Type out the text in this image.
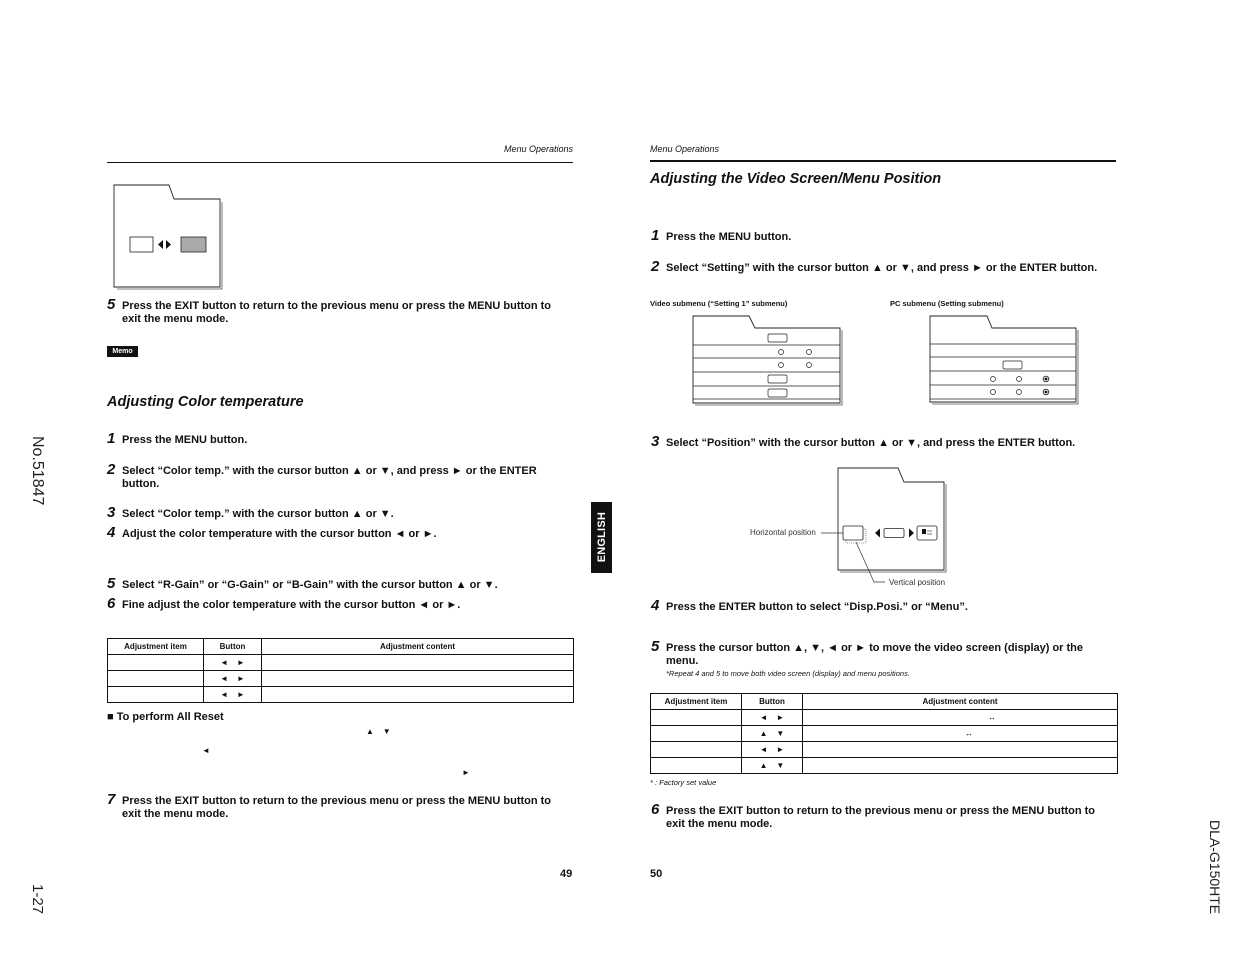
No.51847
1-27	DLA-G150HTE
ENGLISH
Menu Operations
5 Press the EXIT button to return to the previous menu or press the MENU button to exit the menu mode.
Memo
Adjusting Color temperature
1 Press the MENU button.
2 Select “Color temp.” with the cursor button ▲ or ▼, and press ► or the ENTER button.
3 Select “Color temp.” with the cursor button ▲ or ▼.
4 Adjust the color temperature with the cursor button ◄ or ►.
5 Select “R-Gain” or “G-Gain” or “B-Gain” with the cursor button ▲ or ▼.
6 Fine adjust the color temperature with the cursor button ◄ or ►.
Adjustment item	Button	Adjustment content
	◄    ►	
	◄    ►	
	◄    ►	
■ To perform All Reset
▲    ▼
◄
►
7 Press the EXIT button to return to the previous menu or press the MENU button to exit the menu mode.
49
Menu Operations
Adjusting the Video Screen/Menu Position
1 Press the MENU button.
2 Select “Setting” with the cursor button ▲ or ▼, and press ► or the ENTER button.
Video submenu (“Setting 1” submenu)	PC submenu (Setting submenu)
3 Select “Position” with the cursor button ▲ or ▼, and press the ENTER button.
Horizontal position
Vertical position
4 Press the ENTER button to select “Disp.Posi.” or “Menu”.
5 Press the cursor button ▲, ▼, ◄ or ► to move the video screen (display) or the menu.
*Repeat 4 and 5 to move both video screen (display) and menu positions.
Adjustment item	Button	Adjustment content
	◄    ►	↔
	▲    ▼	↔
	◄    ►	
	▲    ▼	
* : Factory set value
6 Press the EXIT button to return to the previous menu or press the MENU button to exit the menu mode.
50
